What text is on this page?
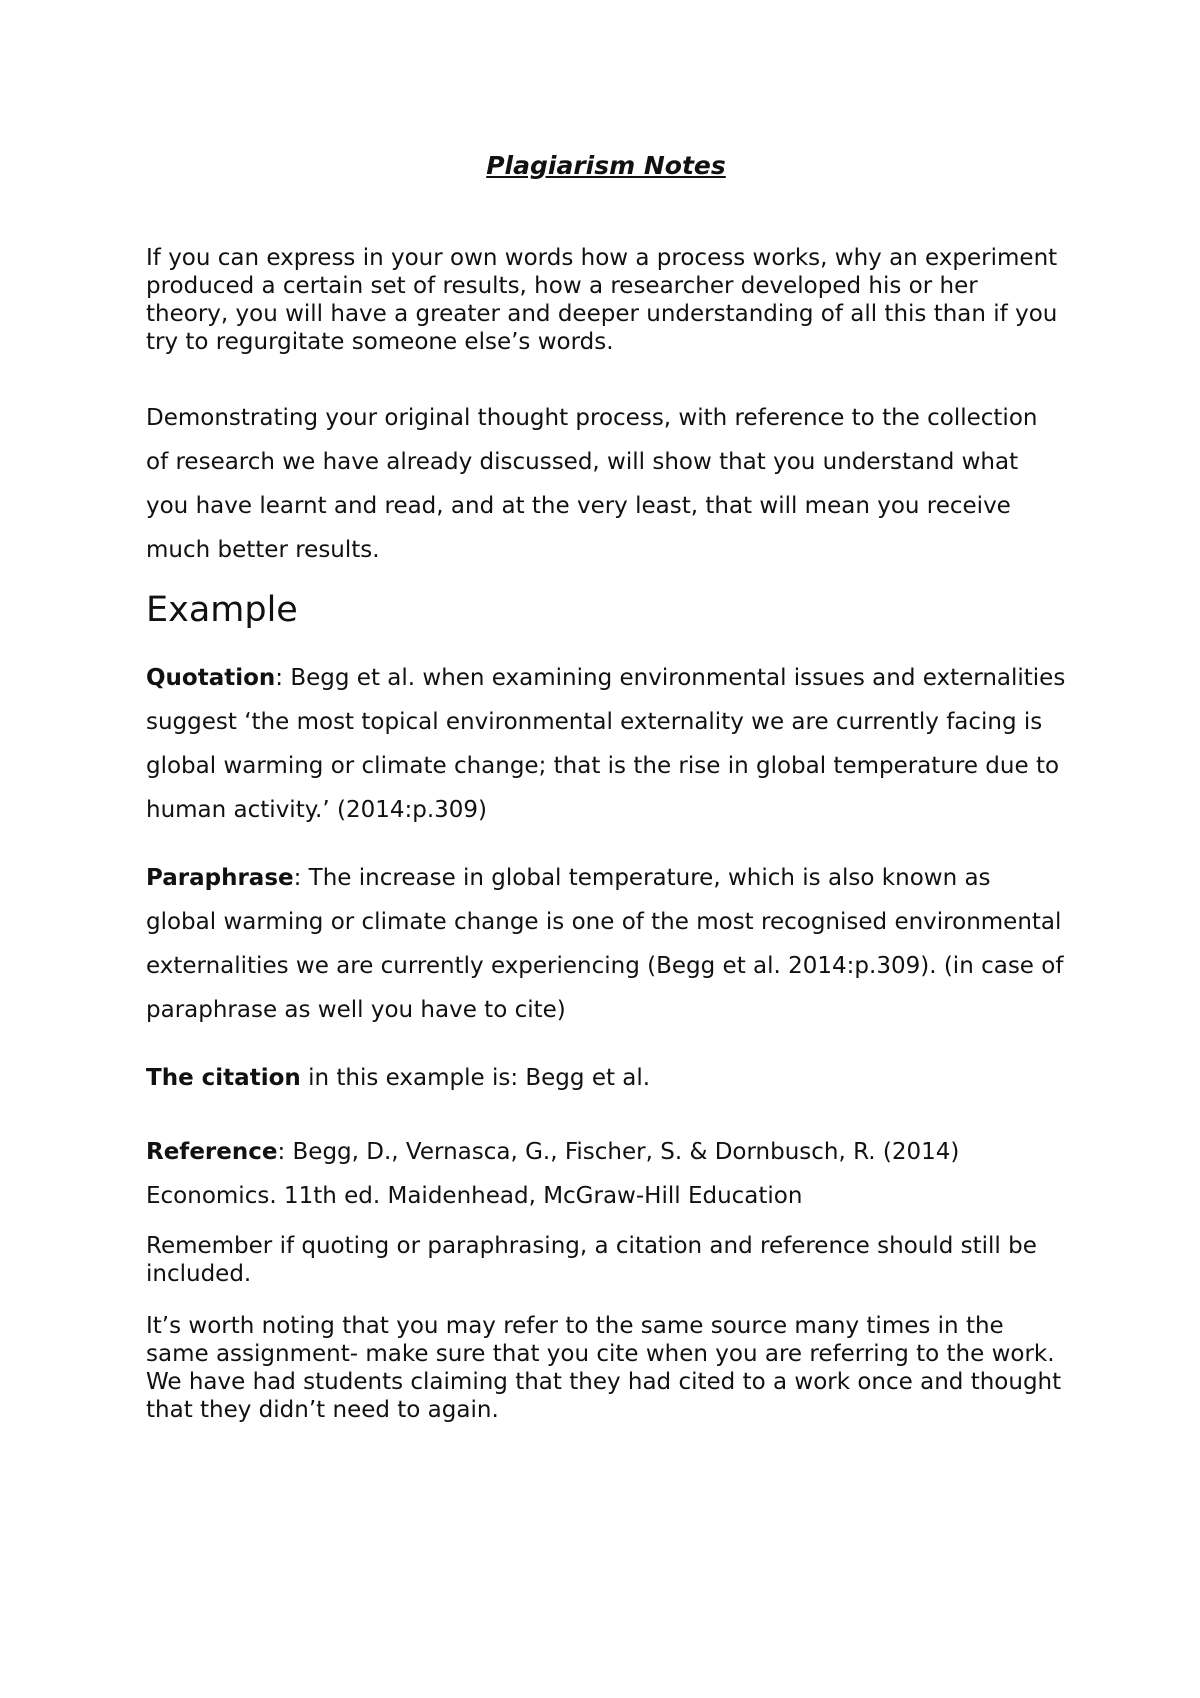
Plagiarism Notes

If you can express in your own words how a process works, why an experiment produced a certain set of results, how a researcher developed his or her theory, you will have a greater and deeper understanding of all this than if you try to regurgitate someone else’s words.

Demonstrating your original thought process, with reference to the collection of research we have already discussed, will show that you understand what you have learnt and read, and at the very least, that will mean you receive much better results.

Example

Quotation: Begg et al. when examining environmental issues and externalities suggest ‘the most topical environmental externality we are currently facing is global warming or climate change; that is the rise in global temperature due to human activity.’ (2014:p.309)

Paraphrase: The increase in global temperature, which is also known as global warming or climate change is one of the most recognised environmental externalities we are currently experiencing (Begg et al. 2014:p.309). (in case of paraphrase as well you have to cite)

The citation in this example is: Begg et al.

Reference: Begg, D., Vernasca, G., Fischer, S. & Dornbusch, R. (2014) Economics. 11th ed. Maidenhead, McGraw-Hill Education

Remember if quoting or paraphrasing, a citation and reference should still be included.

It’s worth noting that you may refer to the same source many times in the same assignment- make sure that you cite when you are referring to the work. We have had students claiming that they had cited to a work once and thought that they didn’t need to again.
